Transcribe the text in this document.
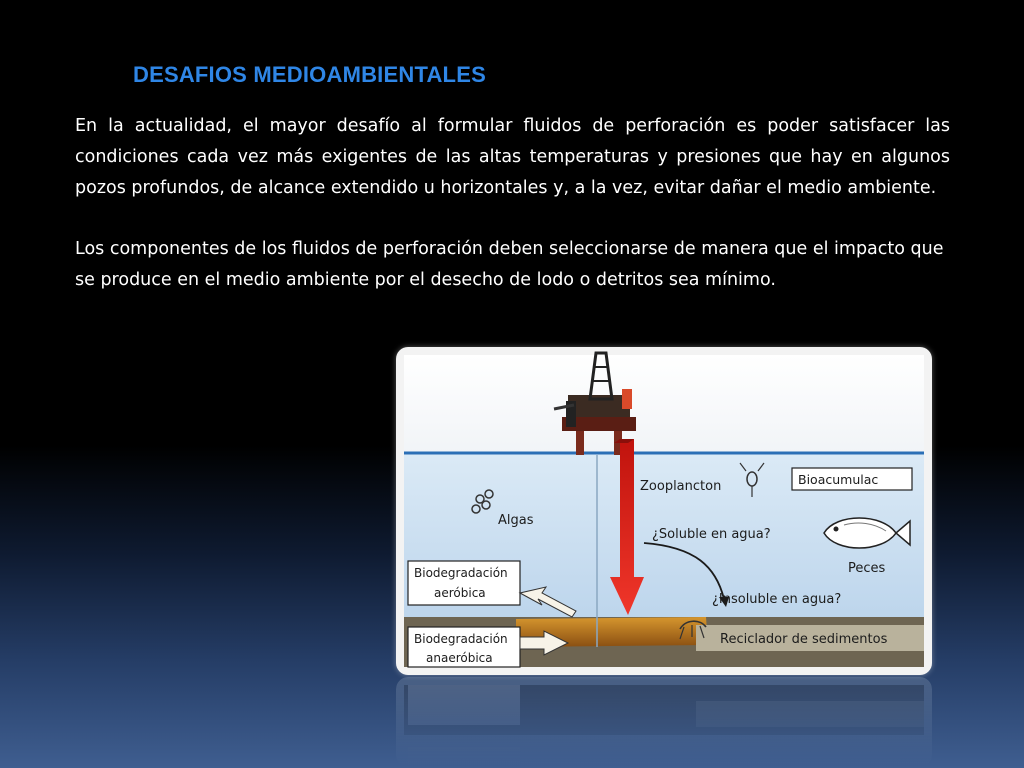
DESAFIOS MEDIOAMBIENTALES

En la actualidad, el mayor desafío al formular fluidos de perforación es poder satisfacer las condiciones cada vez más exigentes de las altas temperaturas y presiones que hay en algunos pozos profundos, de alcance extendido u horizontales y, a la vez, evitar dañar el medio ambiente.

Los componentes de los fluidos de perforación deben seleccionarse de manera que el impacto que se produce en el medio ambiente por el desecho de lodo o detritos sea mínimo.

Zooplancton	Bioacumulac
Algas
¿Soluble en agua?
Peces
¿Insoluble en agua?
Reciclador de sedimentos
Biodegradación
aeróbica
Biodegradación
anaeróbica
